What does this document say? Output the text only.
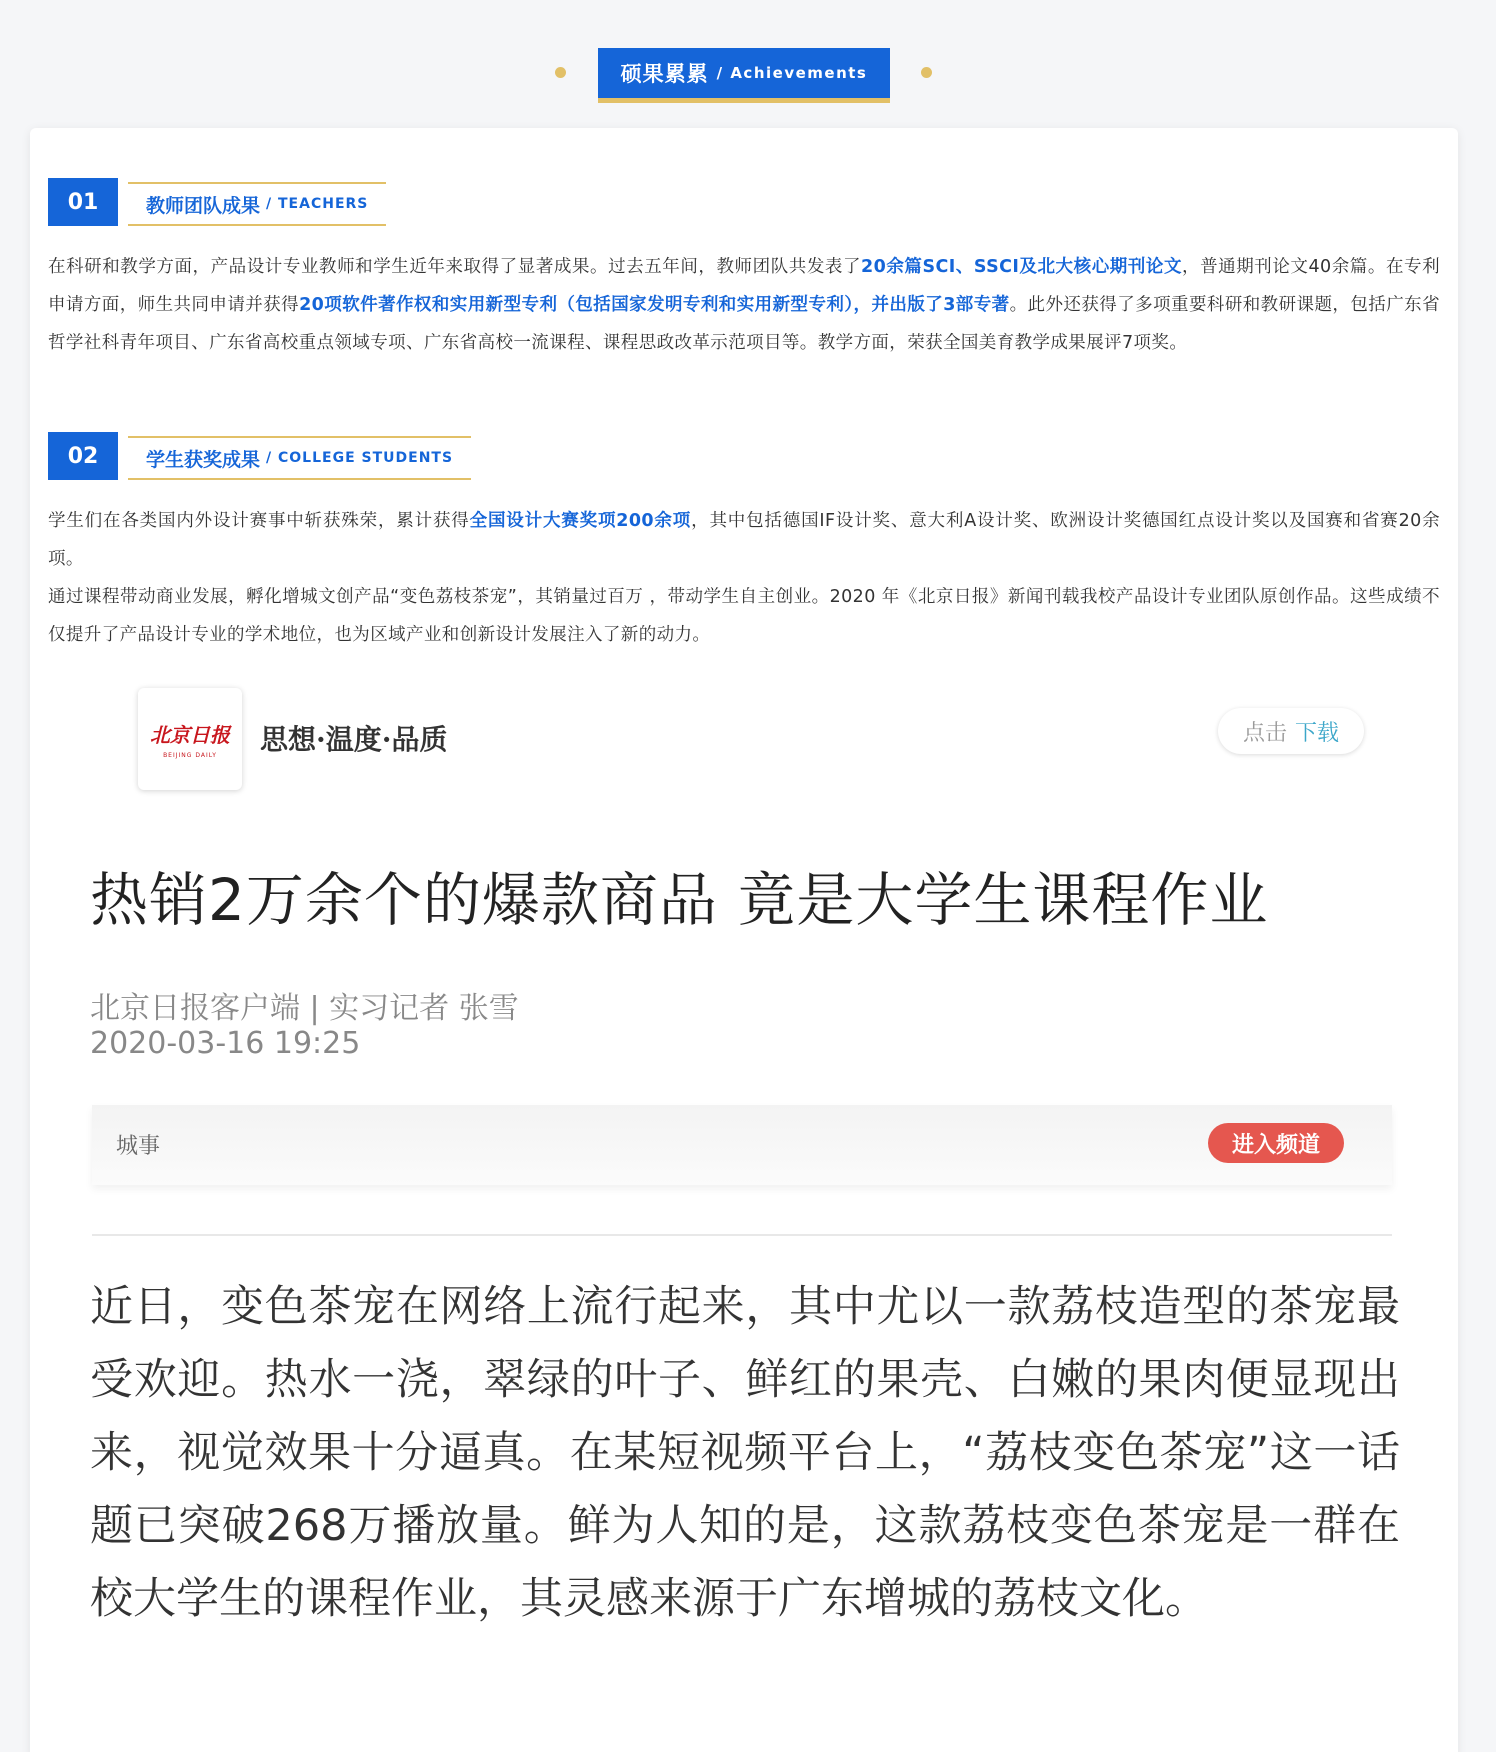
硕果累累 / Achievements
01	教师团队成果 / TEACHERS

在科研和教学方面，产品设计专业教师和学生近年来取得了显著成果。过去五年间，教师团队共发表了20余篇SCI、SSCI及北大核心期刊论文，普通期刊论文40余篇。在专利申请方面，师生共同申请并获得20项软件著作权和实用新型专利（包括国家发明专利和实用新型专利），并出版了3部专著。此外还获得了多项重要科研和教研课题，包括广东省哲学社科青年项目、广东省高校重点领域专项、广东省高校一流课程、课程思政改革示范项目等。教学方面，荣获全国美育教学成果展评7项奖。

02	学生获奖成果 / COLLEGE STUDENTS

学生们在各类国内外设计赛事中斩获殊荣，累计获得全国设计大赛奖项200余项，其中包括德国IF设计奖、意大利A设计奖、欧洲设计奖德国红点设计奖以及国赛和省赛20余项。

通过课程带动商业发展，孵化增城文创产品“变色荔枝茶宠”，其销量过百万 ，带动学生自主创业。2020 年《北京日报》新闻刊载我校产品设计专业团队原创作品。这些成绩不仅提升了产品设计专业的学术地位，也为区域产业和创新设计发展注入了新的动力。

北京日报
BEIJING DAILY 思想·温度·品质	点击 下载
热销2万余个的爆款商品 竟是大学生课程作业
北京日报客户端 | 实习记者 张雪
2020-03-16 19:25
城事	进入频道

近日，变色茶宠在网络上流行起来，其中尤以一款荔枝造型的茶宠最受欢迎。热水一浇，翠绿的叶子、鲜红的果壳、白嫩的果肉便显现出来，视觉效果十分逼真。在某短视频平台上，“荔枝变色茶宠”这一话题已突破268万播放量。鲜为人知的是，这款荔枝变色茶宠是一群在校大学生的课程作业，其灵感来源于广东增城的荔枝文化。
